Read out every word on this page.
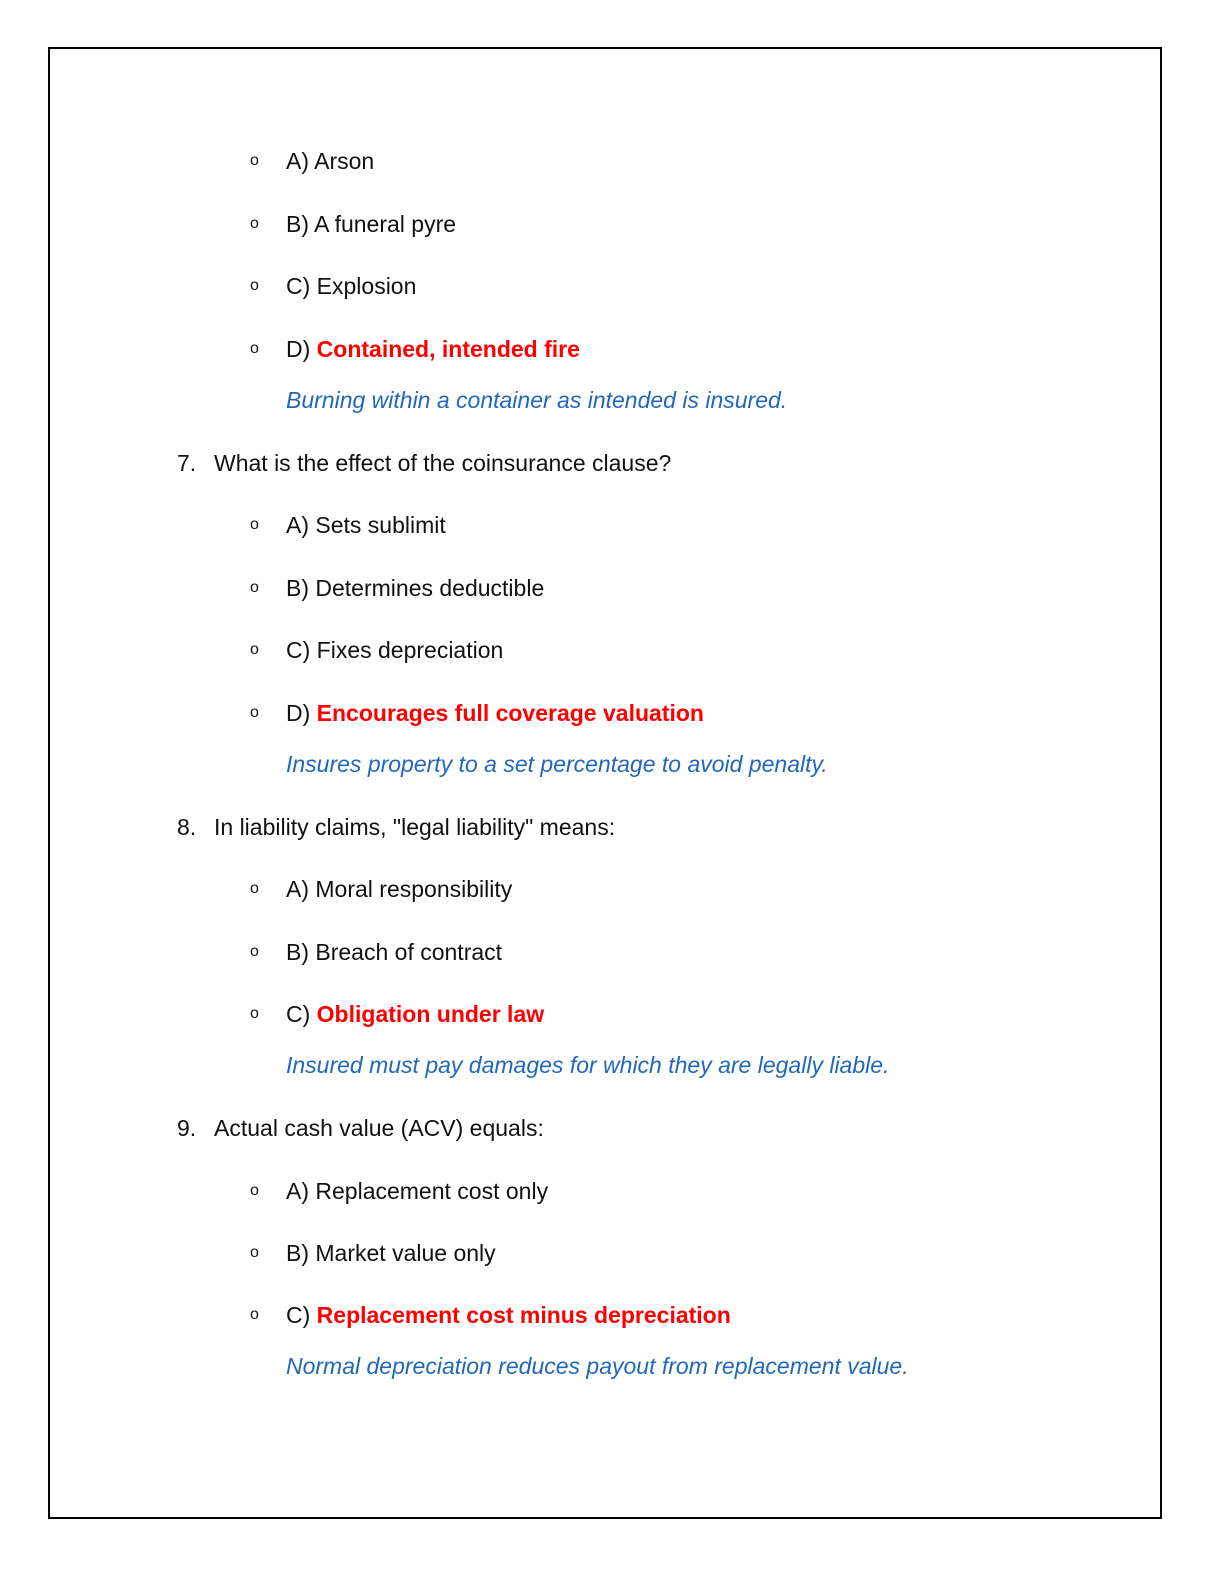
o A) Arson
o B) A funeral pyre
o C) Explosion
o D) Contained, intended fire
Burning within a container as intended is insured.
7. What is the effect of the coinsurance clause?
o A) Sets sublimit
o B) Determines deductible
o C) Fixes depreciation
o D) Encourages full coverage valuation
Insures property to a set percentage to avoid penalty.
8. In liability claims, "legal liability" means:
o A) Moral responsibility
o B) Breach of contract
o C) Obligation under law
Insured must pay damages for which they are legally liable.
9. Actual cash value (ACV) equals:
o A) Replacement cost only
o B) Market value only
o C) Replacement cost minus depreciation
Normal depreciation reduces payout from replacement value.
